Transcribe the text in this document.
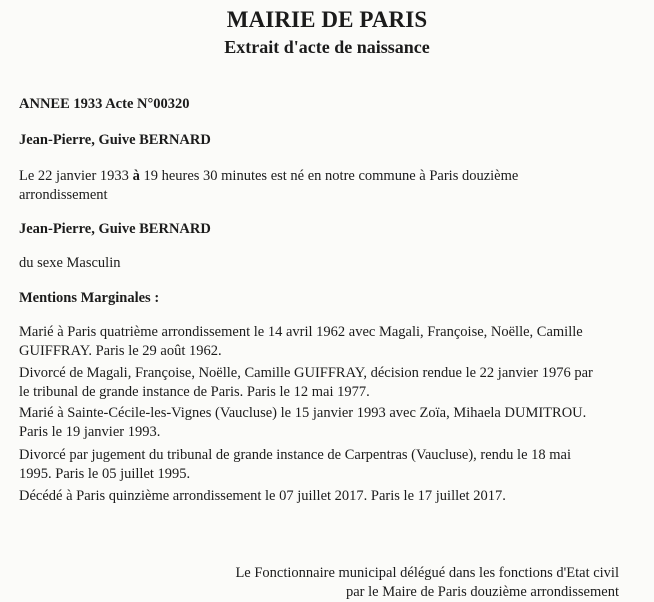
MAIRIE DE PARIS
Extrait d'acte de naissance

ANNEE 1933 Acte N°00320

Jean-Pierre, Guive BERNARD

Le 22 janvier 1933 à 19 heures 30 minutes est né en notre commune à Paris douzième
arrondissement

Jean-Pierre, Guive BERNARD

du sexe Masculin

Mentions Marginales :

Marié à Paris quatrième arrondissement le 14 avril 1962 avec Magali, Françoise, Noëlle, Camille
GUIFFRAY. Paris le 29 août 1962.

Divorcé de Magali, Françoise, Noëlle, Camille GUIFFRAY, décision rendue le 22 janvier 1976 par
le tribunal de grande instance de Paris. Paris le 12 mai 1977.

Marié à Sainte-Cécile-les-Vignes (Vaucluse) le 15 janvier 1993 avec Zoïa, Mihaela DUMITROU.
Paris le 19 janvier 1993.

Divorcé par jugement du tribunal de grande instance de Carpentras (Vaucluse), rendu le 18 mai
1995. Paris le 05 juillet 1995.

Décédé à Paris quinzième arrondissement le 07 juillet 2017. Paris le 17 juillet 2017.

Le Fonctionnaire municipal délégué dans les fonctions d'Etat civil
par le Maire de Paris douzième arrondissement
